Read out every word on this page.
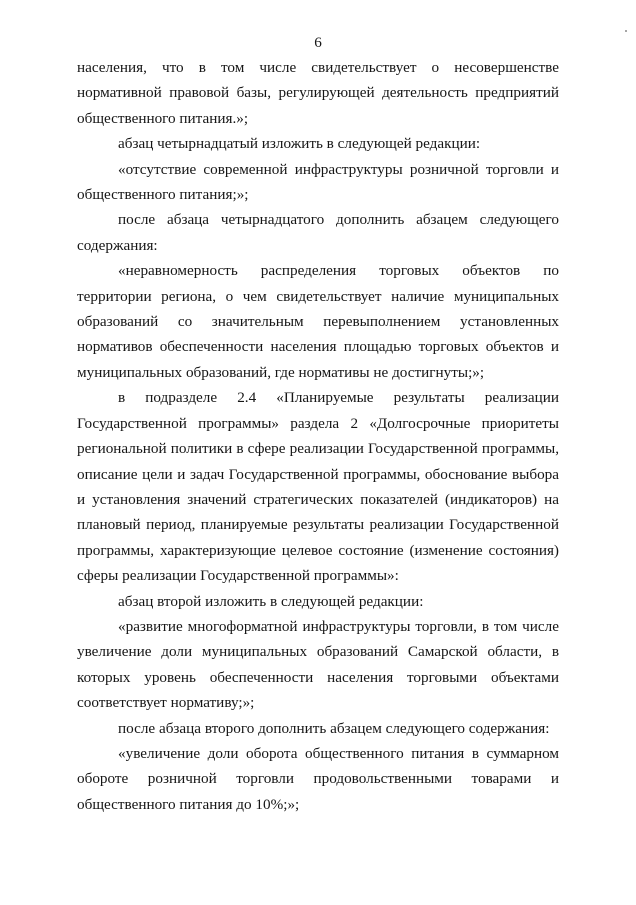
6

населения, что в том числе свидетельствует о несовершенстве нормативной правовой базы, регулирующей деятельность предприятий общественного питания.»;

абзац четырнадцатый изложить в следующей редакции:

«отсутствие современной инфраструктуры розничной торговли и общественного питания;»;

после абзаца четырнадцатого дополнить абзацем следующего содержания:

«неравномерность распределения торговых объектов по территории региона, о чем свидетельствует наличие муниципальных образований со значительным перевыполнением установленных нормативов обеспеченности населения площадью торговых объектов и муниципальных образований, где нормативы не достигнуты;»;

в подразделе 2.4 «Планируемые результаты реализации Государственной программы» раздела 2 «Долгосрочные приоритеты региональной политики в сфере реализации Государственной программы, описание цели и задач Государственной программы, обоснование выбора и установления значений стратегических показателей (индикаторов) на плановый период, планируемые результаты реализации Государственной программы, характеризующие целевое состояние (изменение состояния) сферы реализации Государственной программы»:

абзац второй изложить в следующей редакции:

«развитие многоформатной инфраструктуры торговли, в том числе увеличение доли муниципальных образований Самарской области, в которых уровень обеспеченности населения торговыми объектами соответствует нормативу;»;

после абзаца второго дополнить абзацем следующего содержания:

«увеличение доли оборота общественного питания в суммарном обороте розничной торговли продовольственными товарами и общественного питания до 10%;»;
